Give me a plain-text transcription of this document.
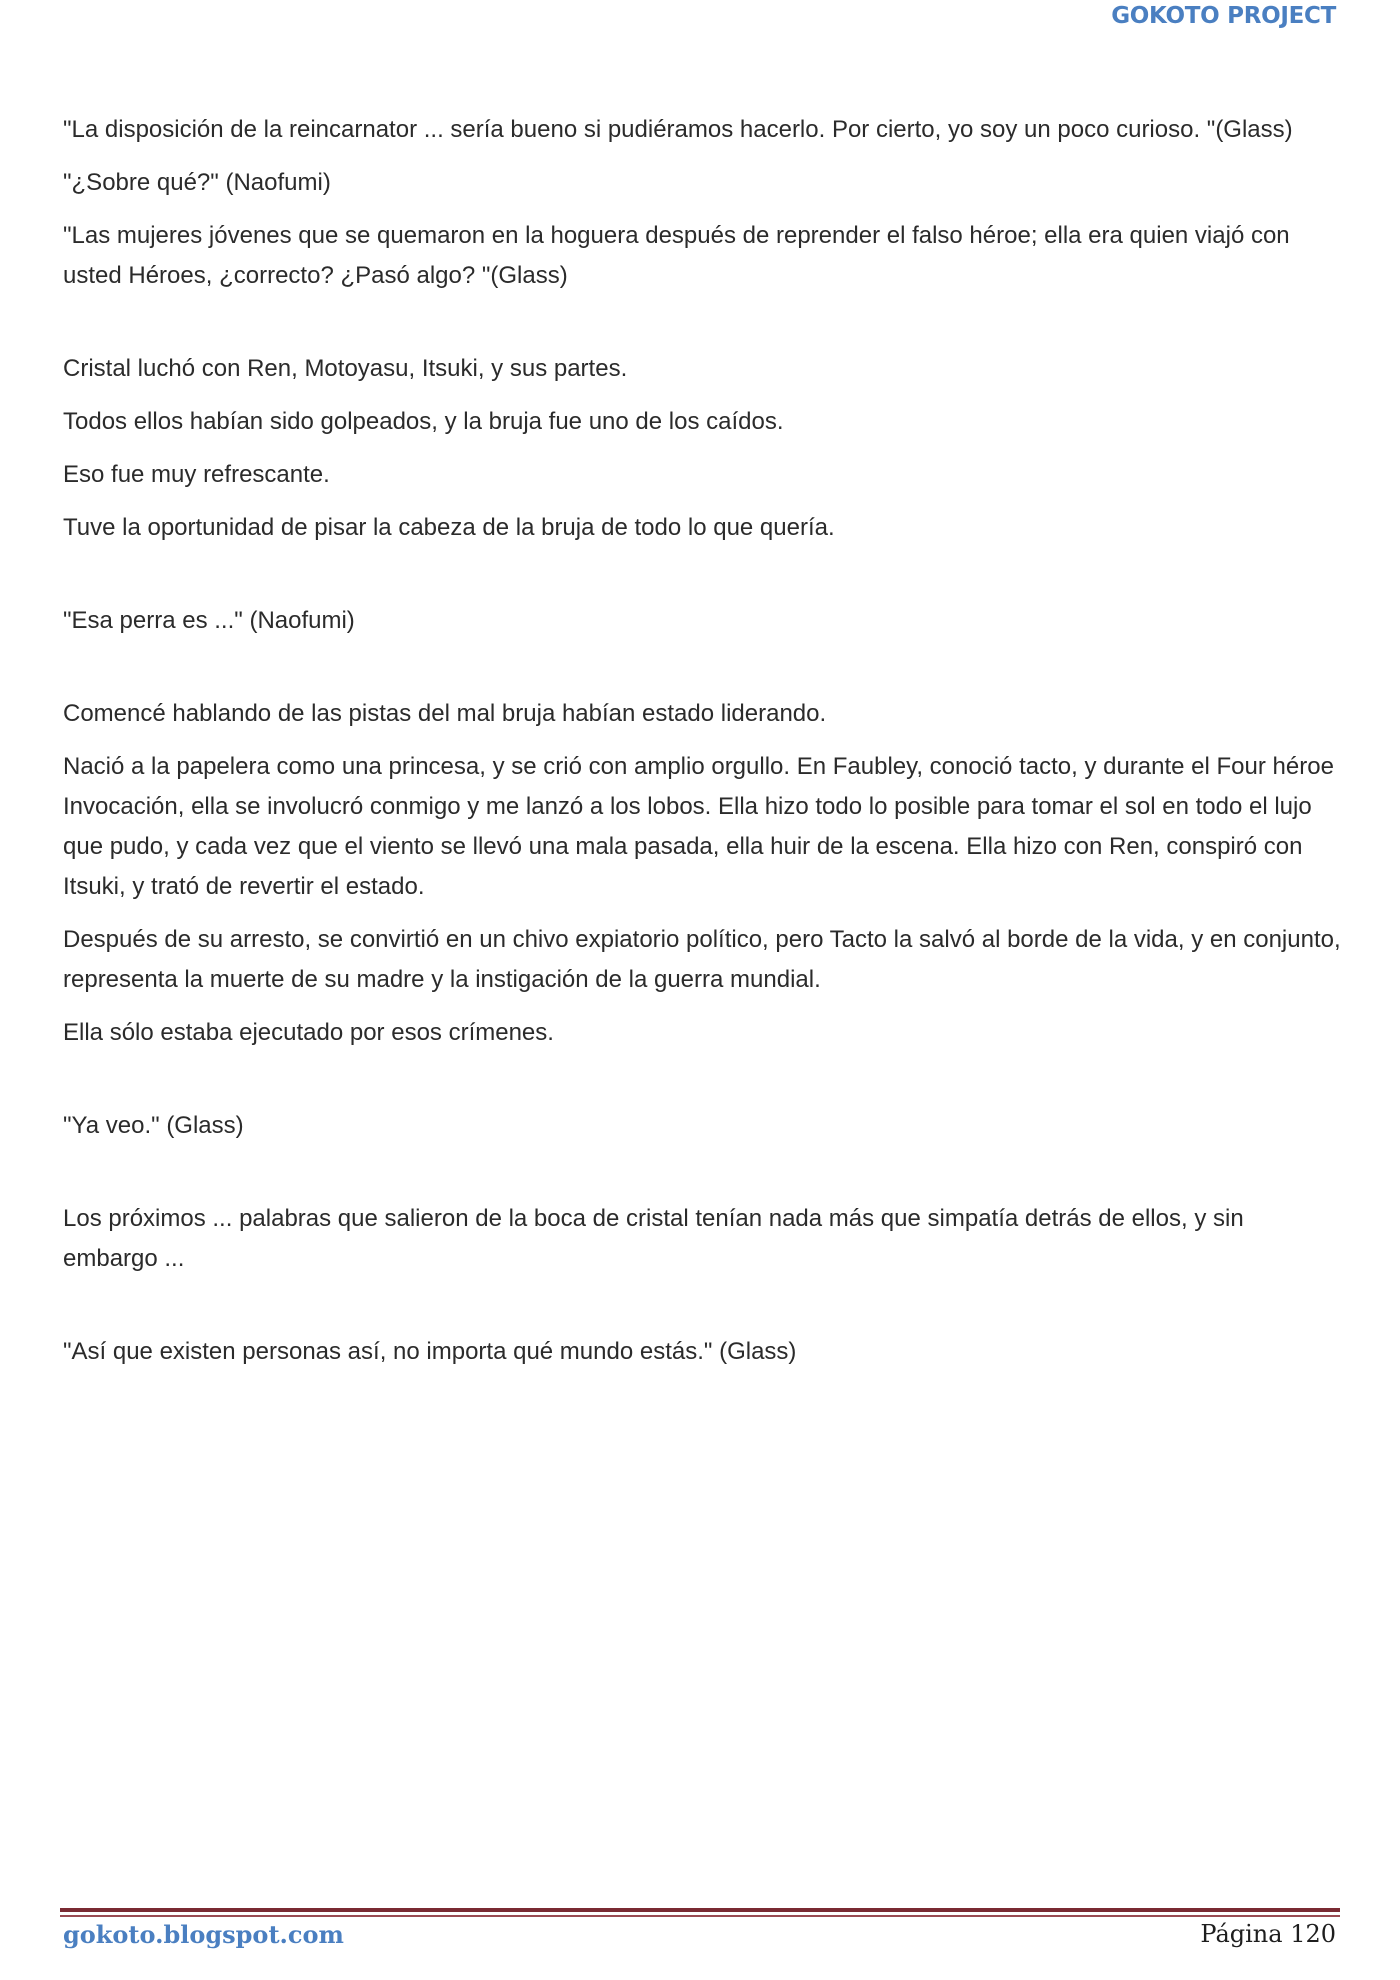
GOKOTO PROJECT

"La disposición de la reincarnator ... sería bueno si pudiéramos hacerlo. Por cierto, yo soy un poco curioso. "(Glass)

"¿Sobre qué?" (Naofumi)

"Las mujeres jóvenes que se quemaron en la hoguera después de reprender el falso héroe; ella era quien viajó con usted Héroes, ¿correcto? ¿Pasó algo? "(Glass)

Cristal luchó con Ren, Motoyasu, Itsuki, y sus partes.

Todos ellos habían sido golpeados, y la bruja fue uno de los caídos.

Eso fue muy refrescante.

Tuve la oportunidad de pisar la cabeza de la bruja de todo lo que quería.

"Esa perra es ..." (Naofumi)

Comencé hablando de las pistas del mal bruja habían estado liderando.

Nació a la papelera como una princesa, y se crió con amplio orgullo. En Faubley, conoció tacto, y durante el Four héroe Invocación, ella se involucró conmigo y me lanzó a los lobos. Ella hizo todo lo posible para tomar el sol en todo el lujo que pudo, y cada vez que el viento se llevó una mala pasada, ella huir de la escena. Ella hizo con Ren, conspiró con Itsuki, y trató de revertir el estado.

Después de su arresto, se convirtió en un chivo expiatorio político, pero Tacto la salvó al borde de la vida, y en conjunto, representa la muerte de su madre y la instigación de la guerra mundial.

Ella sólo estaba ejecutado por esos crímenes.

"Ya veo." (Glass)

Los próximos ... palabras que salieron de la boca de cristal tenían nada más que simpatía detrás de ellos, y sin embargo ...

"Así que existen personas así, no importa qué mundo estás." (Glass)

gokoto.blogspot.com	Página 120
